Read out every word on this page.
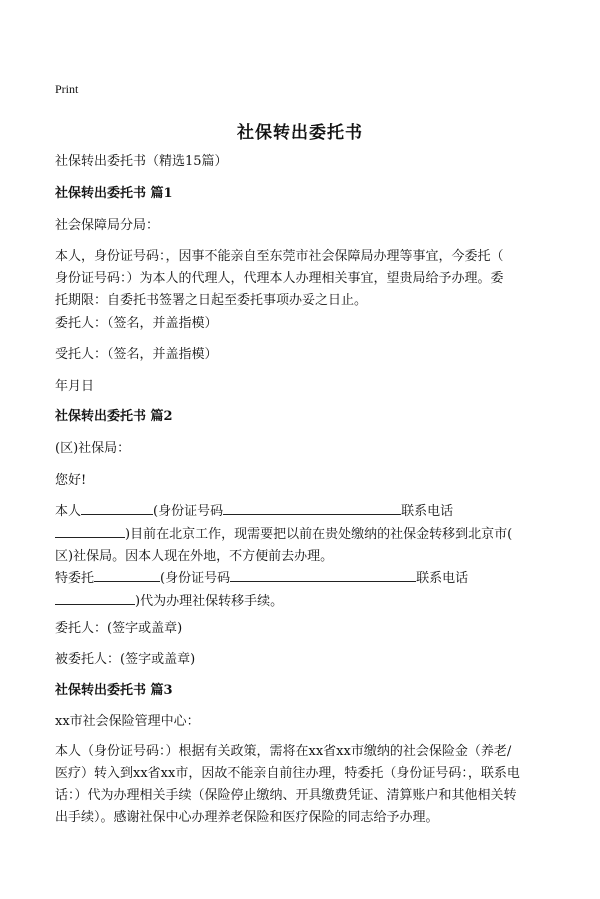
Print
社保转出委托书
社保转出委托书（精选15篇）
社保转出委托书 篇1
社会保障局分局：
本人，身份证号码：，因事不能亲自至东莞市社会保障局办理等事宜，今委托（
身份证号码：）为本人的代理人，代理本人办理相关事宜，望贵局给予办理。委
托期限：自委托书签署之日起至委托事项办妥之日止。
委托人：（签名，并盖指模）
受托人：（签名，并盖指模）
年月日
社保转出委托书 篇2
(区)社保局：
您好!
本人	(身份证号码	联系电话
)目前在北京工作，现需要把以前在贵处缴纳的社保金转移到北京市(
区)社保局。因本人现在外地，不方便前去办理。
特委托	(身份证号码	联系电话
)代为办理社保转移手续。
委托人：(签字或盖章)
被委托人：(签字或盖章)
社保转出委托书 篇3
xx市社会保险管理中心：
本人（身份证号码：）根据有关政策，需将在xx省xx市缴纳的社会保险金（养老/
医疗）转入到xx省xx市，因故不能亲自前往办理，特委托（身份证号码：，联系电
话：）代为办理相关手续（保险停止缴纳、开具缴费凭证、清算账户和其他相关转
出手续）。感谢社保中心办理养老保险和医疗保险的同志给予办理。
